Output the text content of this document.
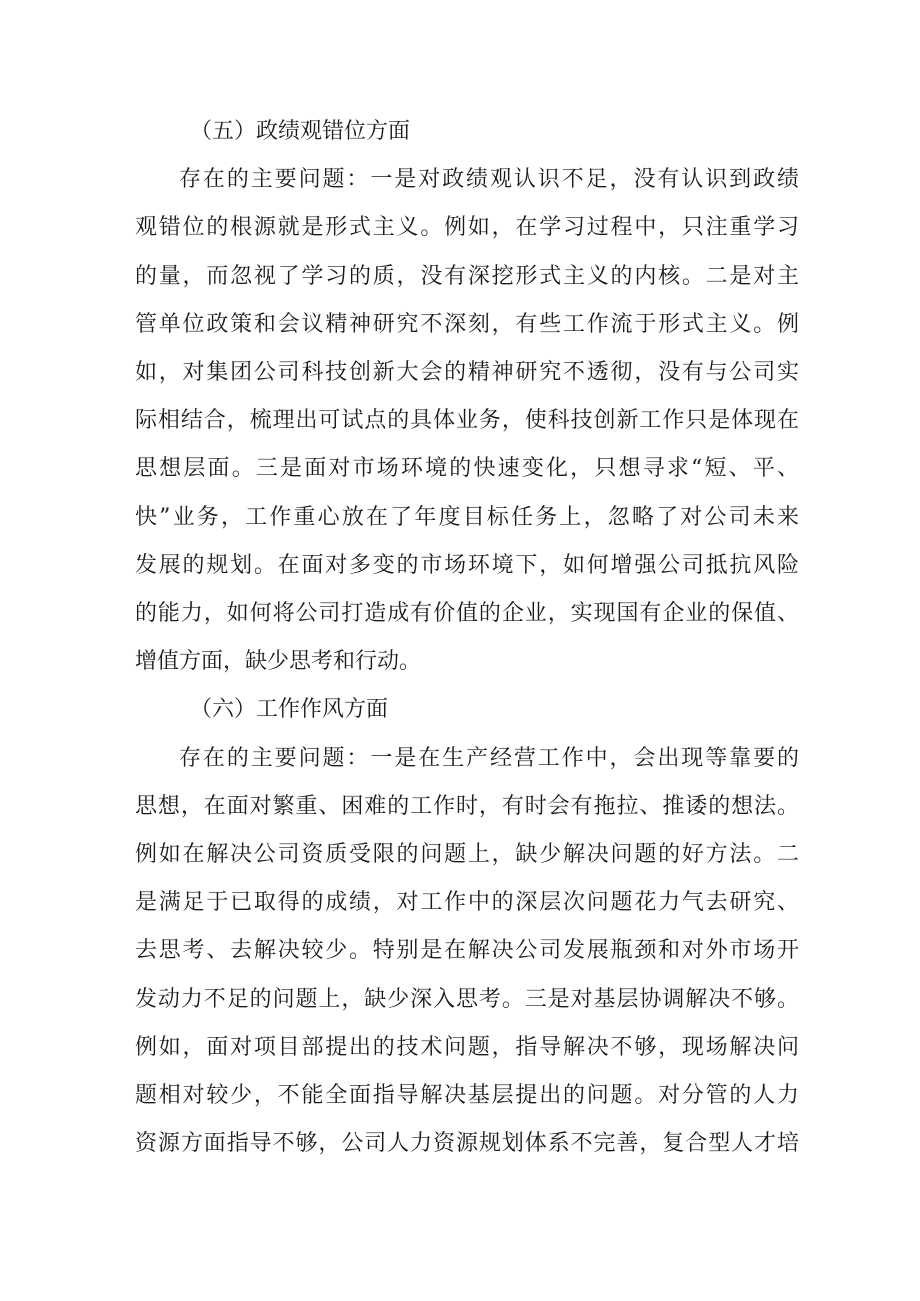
（五）政绩观错位方面
存在的主要问题：一是对政绩观认识不足，没有认识到政绩
观错位的根源就是形式主义。例如，在学习过程中，只注重学习
的量，而忽视了学习的质，没有深挖形式主义的内核。二是对主
管单位政策和会议精神研究不深刻，有些工作流于形式主义。例
如，对集团公司科技创新大会的精神研究不透彻，没有与公司实
际相结合，梳理出可试点的具体业务，使科技创新工作只是体现在
思想层面。三是面对市场环境的快速变化，只想寻求“短、平、
快”业务，工作重心放在了年度目标任务上，忽略了对公司未来
发展的规划。在面对多变的市场环境下，如何增强公司抵抗风险
的能力，如何将公司打造成有价值的企业，实现国有企业的保值、
增值方面，缺少思考和行动。
（六）工作作风方面
存在的主要问题：一是在生产经营工作中，会出现等靠要的
思想，在面对繁重、困难的工作时，有时会有拖拉、推诿的想法。
例如在解决公司资质受限的问题上，缺少解决问题的好方法。二
是满足于已取得的成绩，对工作中的深层次问题花力气去研究、
去思考、去解决较少。特别是在解决公司发展瓶颈和对外市场开
发动力不足的问题上，缺少深入思考。三是对基层协调解决不够。
例如，面对项目部提出的技术问题，指导解决不够，现场解决问
题相对较少，不能全面指导解决基层提出的问题。对分管的人力
资源方面指导不够，公司人力资源规划体系不完善，复合型人才培
